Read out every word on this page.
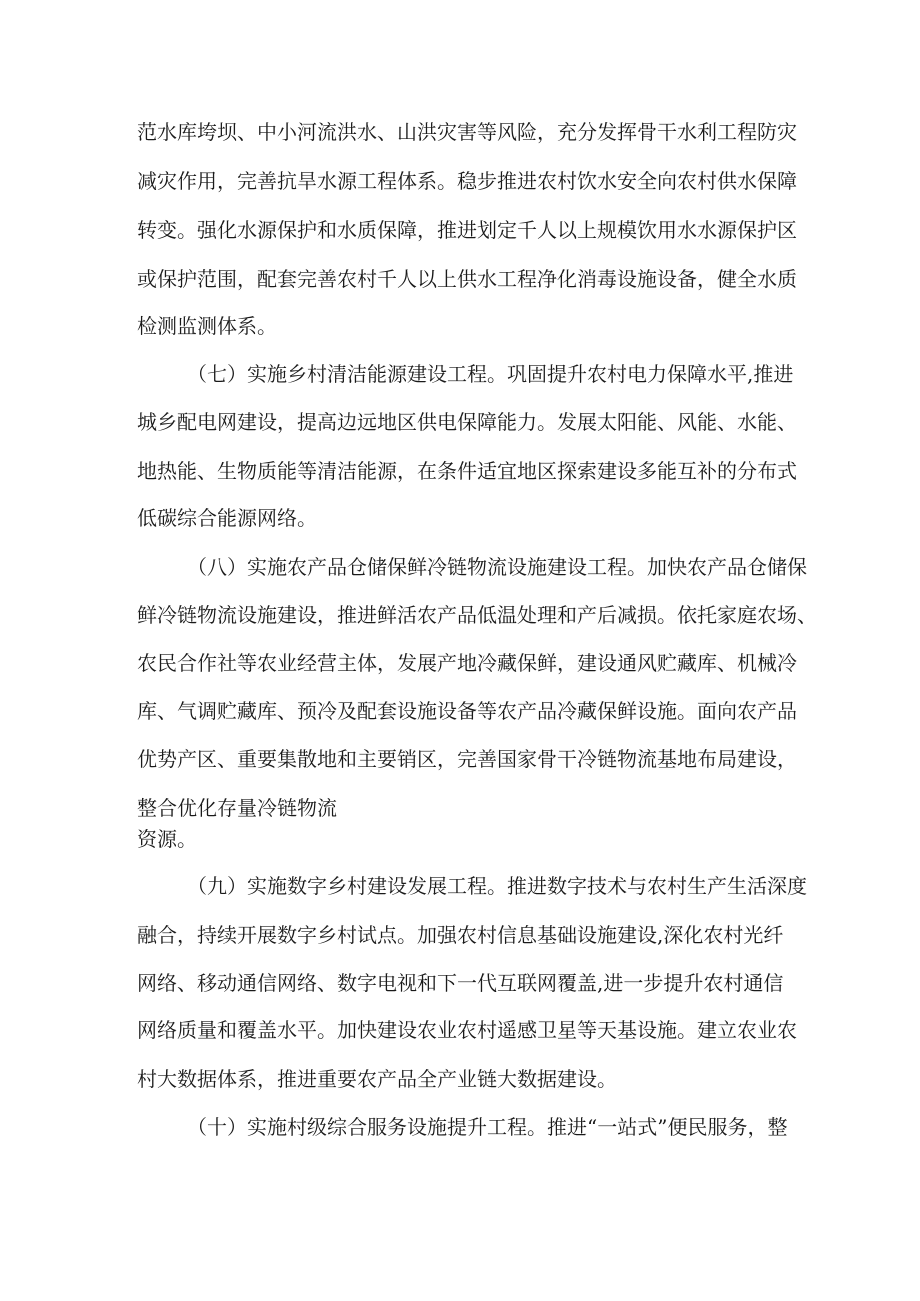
范水库垮坝、中小河流洪水、山洪灾害等风险，充分发挥骨干水利工程防灾
减灾作用，完善抗旱水源工程体系。稳步推进农村饮水安全向农村供水保障
转变。强化水源保护和水质保障，推进划定千人以上规模饮用水水源保护区
或保护范围，配套完善农村千人以上供水工程净化消毒设施设备，健全水质
检测监测体系。
（七）实施乡村清洁能源建设工程。巩固提升农村电力保障水平,推进
城乡配电网建设，提高边远地区供电保障能力。发展太阳能、风能、水能、
地热能、生物质能等清洁能源，在条件适宜地区探索建设多能互补的分布式
低碳综合能源网络。
（八）实施农产品仓储保鲜冷链物流设施建设工程。加快农产品仓储保
鲜冷链物流设施建设，推进鲜活农产品低温处理和产后减损。依托家庭农场、
农民合作社等农业经营主体，发展产地冷藏保鲜，建设通风贮藏库、机械冷
库、气调贮藏库、预冷及配套设施设备等农产品冷藏保鲜设施。面向农产品
优势产区、重要集散地和主要销区，完善国家骨干冷链物流基地布局建设，
整合优化存量冷链物流
资源。
（九）实施数字乡村建设发展工程。推进数字技术与农村生产生活深度
融合，持续开展数字乡村试点。加强农村信息基础设施建设,深化农村光纤
网络、移动通信网络、数字电视和下一代互联网覆盖,进一步提升农村通信
网络质量和覆盖水平。加快建设农业农村遥感卫星等天基设施。建立农业农
村大数据体系，推进重要农产品全产业链大数据建设。
（十）实施村级综合服务设施提升工程。推进“一站式”便民服务，整
